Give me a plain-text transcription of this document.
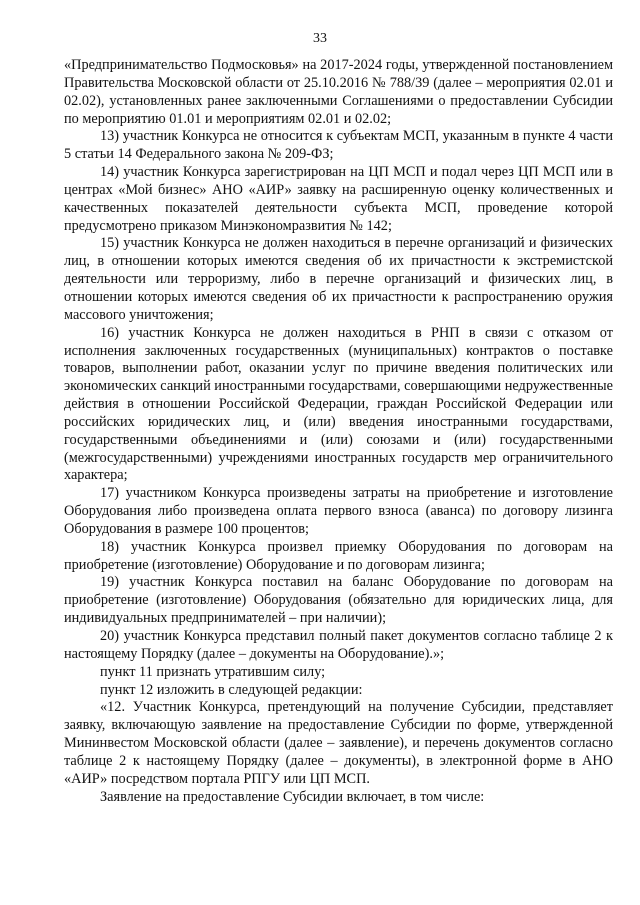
33

«Предпринимательство Подмосковья» на 2017-2024 годы, утвержденной постановлением Правительства Московской области от 25.10.2016 № 788/39 (далее – мероприятия 02.01 и 02.02), установленных ранее заключенными Соглашениями о предоставлении Субсидии по мероприятию 01.01 и мероприятиям 02.01 и 02.02;

13) участник Конкурса не относится к субъектам МСП, указанным в пункте 4 части 5 статьи 14 Федерального закона № 209-ФЗ;

14) участник Конкурса зарегистрирован на ЦП МСП и подал через ЦП МСП или в центрах «Мой бизнес» АНО «АИР» заявку на расширенную оценку количественных и качественных показателей деятельности субъекта МСП, проведение которой предусмотрено приказом Минэкономразвития № 142;

15) участник Конкурса не должен находиться в перечне организаций и физических лиц, в отношении которых имеются сведения об их причастности к экстремистской деятельности или терроризму, либо в перечне организаций и физических лиц, в отношении которых имеются сведения об их причастности к распространению оружия массового уничтожения;

16) участник Конкурса не должен находиться в РНП в связи с отказом от исполнения заключенных государственных (муниципальных) контрактов о поставке товаров, выполнении работ, оказании услуг по причине введения политических или экономических санкций иностранными государствами, совершающими недружественные действия в отношении Российской Федерации, граждан Российской Федерации или российских юридических лиц, и (или) введения иностранными государствами, государственными объединениями и (или) союзами и (или) государственными (межгосударственными) учреждениями иностранных государств мер ограничительного характера;

17) участником Конкурса произведены затраты на приобретение и изготовление Оборудования либо произведена оплата первого взноса (аванса) по договору лизинга Оборудования в размере 100 процентов;

18) участник Конкурса произвел приемку Оборудования по договорам на приобретение (изготовление) Оборудование и по договорам лизинга;

19) участник Конкурса поставил на баланс Оборудование по договорам на приобретение (изготовление) Оборудования (обязательно для юридических лица, для индивидуальных предпринимателей – при наличии);

20) участник Конкурса представил полный пакет документов согласно таблице 2 к настоящему Порядку (далее – документы на Оборудование).»;

пункт 11 признать утратившим силу;

пункт 12 изложить в следующей редакции:

«12. Участник Конкурса, претендующий на получение Субсидии, представляет заявку, включающую заявление на предоставление Субсидии по форме, утвержденной Мининвестом Московской области (далее – заявление), и перечень документов согласно таблице 2 к настоящему Порядку (далее – документы), в электронной форме в АНО «АИР» посредством портала РПГУ или ЦП МСП.

Заявление на предоставление Субсидии включает, в том числе:
